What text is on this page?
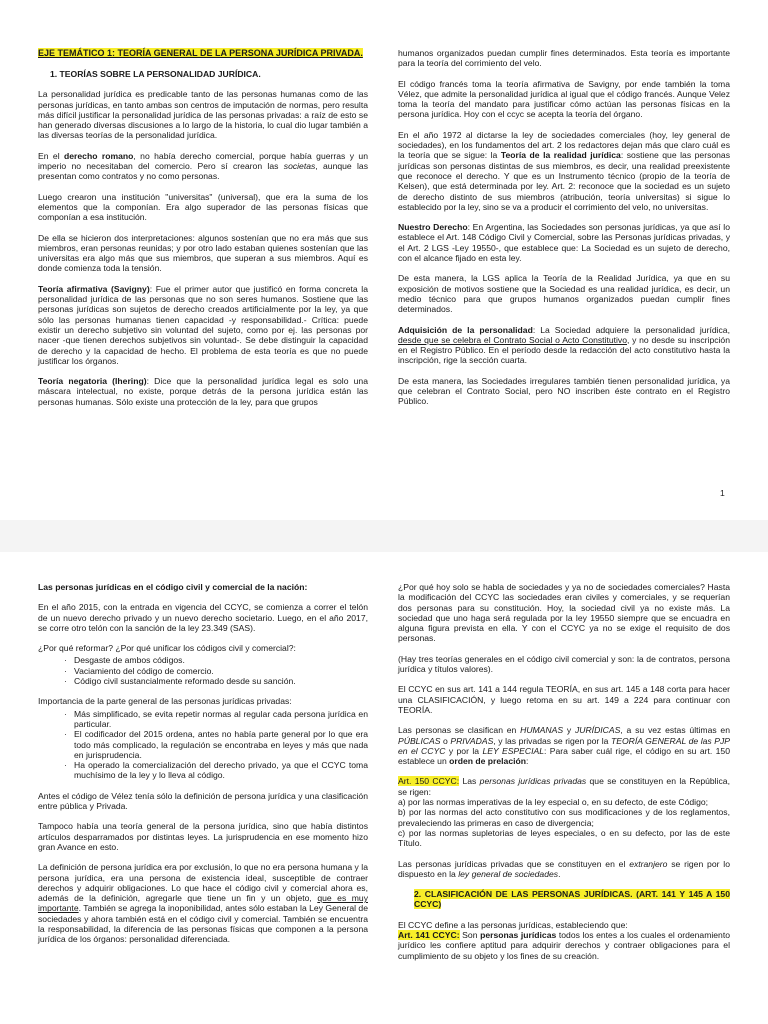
EJE TEMÁTICO 1: TEORÍA GENERAL DE LA PERSONA JURÍDICA PRIVADA.

1. TEORÍAS SOBRE LA PERSONALIDAD JURÍDICA.

La personalidad jurídica es predicable tanto de las personas humanas como de las personas jurídicas, en tanto ambas son centros de imputación de normas, pero resulta más difícil justificar la personalidad jurídica de las personas privadas: a raíz de esto se han generado diversas discusiones a lo largo de la historia, lo cual dio lugar también a las diversas teorías de la personalidad jurídica.

En el derecho romano, no había derecho comercial, porque había guerras y un imperio no necesitaban del comercio. Pero sí crearon las societas, aunque las presentan como contratos y no como personas.

Luego crearon una institución "universitas" (universal), que era la suma de los elementos que la componían. Era algo superador de las personas físicas que componían a esa institución.

De ella se hicieron dos interpretaciones: algunos sostenían que no era más que sus miembros, eran personas reunidas; y por otro lado estaban quienes sostenían que las universitas era algo más que sus miembros, que superan a sus miembros. Aquí es donde comienza toda la tensión.

Teoría afirmativa (Savigny): Fue el primer autor que justificó en forma concreta la personalidad jurídica de las personas que no son seres humanos. Sostiene que las personas jurídicas son sujetos de derecho creados artificialmente por la ley, ya que sólo las personas humanas tienen capacidad -y responsabilidad.- Crítica: puede existir un derecho subjetivo sin voluntad del sujeto, como por ej. las personas por nacer -que tienen derechos subjetivos sin voluntad-. Se debe distinguir la capacidad de derecho y la capacidad de hecho. El problema de esta teoría es que no puede justificar los órganos.

Teoría negatoria (Ihering): Dice que la personalidad jurídica legal es solo una máscara intelectual, no existe, porque detrás de la persona jurídica están las personas humanas. Sólo existe una protección de la ley, para que grupos

humanos organizados puedan cumplir fines determinados. Esta teoría es importante para la teoría del corrimiento del velo.

El código francés toma la teoría afirmativa de Savigny, por ende también la toma Vélez, que admite la personalidad jurídica al igual que el código francés. Aunque Velez toma la teoría del mandato para justificar cómo actúan las personas físicas en la persona jurídica. Hoy con el ccyc se acepta la teoría del órgano.

En el año 1972 al dictarse la ley de sociedades comerciales (hoy, ley general de sociedades), en los fundamentos del art. 2 los redactores dejan más que claro cuál es la teoría que se sigue: la Teoría de la realidad jurídica: sostiene que las personas jurídicas son personas distintas de sus miembros, es decir, una realidad preexistente que reconoce el derecho. Y que es un Instrumento técnico (propio de la teoría de Kelsen), que está determinada por ley. Art. 2: reconoce que la sociedad es un sujeto de derecho distinto de sus miembros (atribución, teoría universitas) si sigue lo establecido por la ley, sino se va a producir el corrimiento del velo, no universitas.

Nuestro Derecho: En Argentina, las Sociedades son personas jurídicas, ya que así lo establece el Art. 148 Código Civil y Comercial, sobre las Personas jurídicas privadas, y el Art. 2 LGS -Ley 19550-, que establece que: La Sociedad es un sujeto de derecho, con el alcance fijado en esta ley.

De esta manera, la LGS aplica la Teoría de la Realidad Jurídica, ya que en su exposición de motivos sostiene que la Sociedad es una realidad jurídica, es decir, un medio técnico para que grupos humanos organizados puedan cumplir fines determinados.

Adquisición de la personalidad: La Sociedad adquiere la personalidad jurídica, desde que se celebra el Contrato Social o Acto Constitutivo, y no desde su inscripción en el Registro Público. En el período desde la redacción del acto constitutivo hasta la inscripción, rige la sección cuarta.

De esta manera, las Sociedades irregulares también tienen personalidad jurídica, ya que celebran el Contrato Social, pero NO inscriben éste contrato en el Registro Público.

1

Las personas jurídicas en el código civil y comercial de la nación:

En el año 2015, con la entrada en vigencia del CCYC, se comienza a correr el telón de un nuevo derecho privado y un nuevo derecho societario. Luego, en el año 2017, se corre otro telón con la sanción de la ley 23.349 (SAS).

¿Por qué reformar? ¿Por qué unificar los códigos civil y comercial?:

· Desgaste de ambos códigos.
· Vaciamiento del código de comercio.
· Código civil sustancialmente reformado desde su sanción.

Importancia de la parte general de las personas jurídicas privadas:

· Más simplificado, se evita repetir normas al regular cada persona jurídica en particular.
· El codificador del 2015 ordena, antes no había parte general por lo que era todo más complicado, la regulación se encontraba en leyes y más que nada en jurisprudencia.
· Ha operado la comercialización del derecho privado, ya que el CCYC toma muchísimo de la ley y lo lleva al código.

Antes el código de Vélez tenía sólo la definición de persona jurídica y una clasificación entre pública y Privada.

Tampoco había una teoría general de la persona jurídica, sino que había distintos artículos desparramados por distintas leyes. La jurisprudencia en ese momento hizo gran Avance en esto.

La definición de persona jurídica era por exclusión, lo que no era persona humana y la persona jurídica, era una persona de existencia ideal, susceptible de contraer derechos y adquirir obligaciones. Lo que hace el código civil y comercial ahora es, además de la definición, agregarle que tiene un fin y un objeto, que es muy importante. También se agrega la inoponibilidad, antes sólo estaban la Ley General de sociedades y ahora también está en el código civil y comercial. También se encuentra la responsabilidad, la diferencia de las personas físicas que componen a la persona jurídica de los órganos: personalidad diferenciada.

¿Por qué hoy solo se habla de sociedades y ya no de sociedades comerciales? Hasta la modificación del CCYC las sociedades eran civiles y comerciales, y se requerían dos personas para su constitución. Hoy, la sociedad civil ya no existe más. La sociedad que uno haga será regulada por la ley 19550 siempre que se encuadra en alguna figura prevista en ella. Y con el CCYC ya no se exige el requisito de dos personas.

(Hay tres teorías generales en el código civil comercial y son: la de contratos, persona jurídica y títulos valores).

El CCYC en sus art. 141 a 144 regula TEORÍA, en sus art. 145 a 148 corta para hacer una CLASIFICACIÓN, y luego retoma en su art. 149 a 224 para continuar con TEORÍA.

Las personas se clasifican en HUMANAS y JURÍDICAS, a su vez estas últimas en PÚBLICAS o PRIVADAS, y las privadas se rigen por la TEORÍA GENERAL de las PJP en el CCYC y por la LEY ESPECIAL: Para saber cuál rige, el código en su art. 150 establece un orden de prelación:

Art. 150 CCYC: Las personas jurídicas privadas que se constituyen en la República, se rigen:

a) por las normas imperativas de la ley especial o, en su defecto, de este Código;

b) por las normas del acto constitutivo con sus modificaciones y de los reglamentos, prevaleciendo las primeras en caso de divergencia;

c) por las normas supletorias de leyes especiales, o en su defecto, por las de este Título.

Las personas jurídicas privadas que se constituyen en el extranjero se rigen por lo dispuesto en la ley general de sociedades.

2. CLASIFICACIÓN DE LAS PERSONAS JURÍDICAS. (ART. 141 Y 145 A 150 CCYC)

El CCYC define a las personas jurídicas, estableciendo que:

Art. 141 CCYC: Son personas jurídicas todos los entes a los cuales el ordenamiento jurídico les confiere aptitud para adquirir derechos y contraer obligaciones para el cumplimiento de su objeto y los fines de su creación.
